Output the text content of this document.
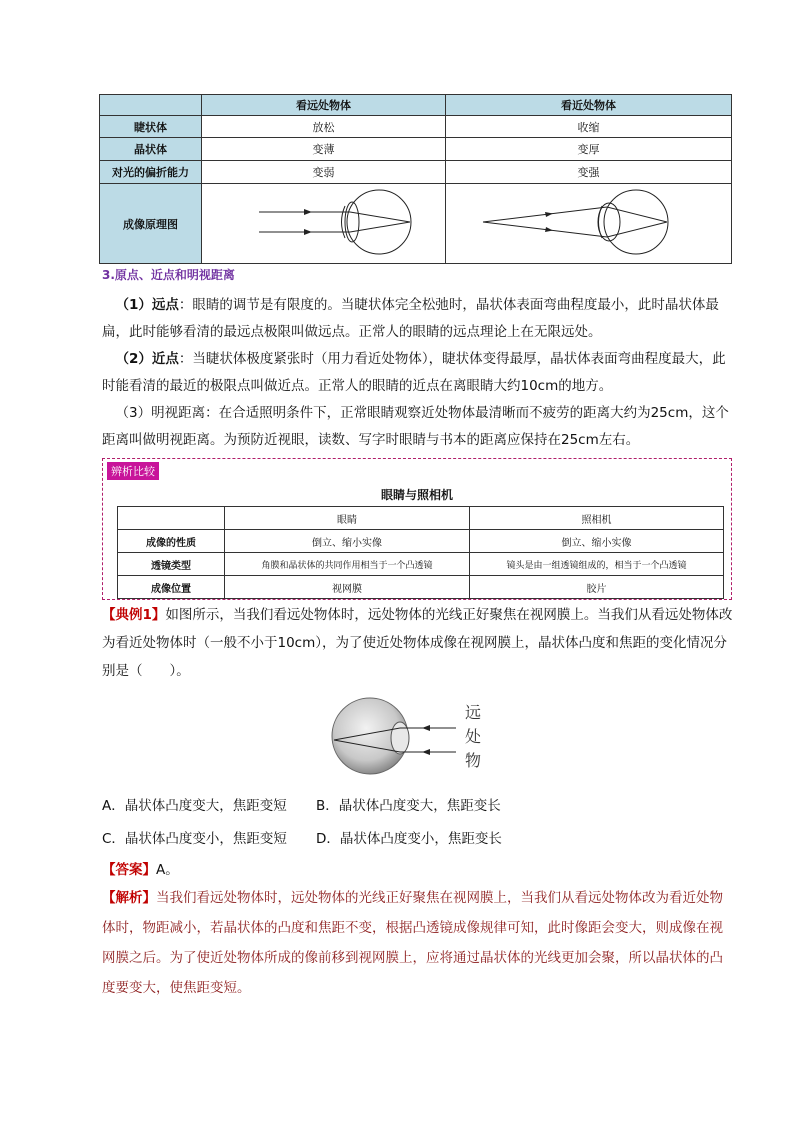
	看远处物体	看近处物体
睫状体	放松	收缩
晶状体	变薄	变厚
对光的偏折能力	变弱	变强
成像原理图		
3.原点、近点和明视距离
（1）远点：眼睛的调节是有限度的。当睫状体完全松弛时，晶状体表面弯曲程度最小，此时晶状体最扁，此时能够看清的最远点极限叫做远点。正常人的眼睛的远点理论上在无限远处。
（2）近点：当睫状体极度紧张时（用力看近处物体），睫状体变得最厚，晶状体表面弯曲程度最大，此时能看清的最近的极限点叫做近点。正常人的眼睛的近点在离眼睛大约10cm的地方。
（3）明视距离：在合适照明条件下，正常眼睛观察近处物体最清晰而不疲劳的距离大约为25cm，这个距离叫做明视距离。为预防近视眼，读数、写字时眼睛与书本的距离应保持在25cm左右。
辨析比较
眼睛与照相机
	眼睛	照相机
成像的性质	倒立、缩小实像	倒立、缩小实像
透镜类型	角膜和晶状体的共同作用相当于一个凸透镜	镜头是由一组透镜组成的，相当于一个凸透镜
成像位置	视网膜	胶片
【典例1】如图所示，当我们看远处物体时，远处物体的光线正好聚焦在视网膜上。当我们从看远处物体改为看近处物体时（一般不小于10cm），为了使近处物体成像在视网膜上，晶状体凸度和焦距的变化情况分别是（　　）。
远
处
物
A．晶状体凸度变大，焦距变短 B．晶状体凸度变大，焦距变长
C．晶状体凸度变小，焦距变短 D．晶状体凸度变小，焦距变长
【答案】A。
【解析】当我们看远处物体时，远处物体的光线正好聚焦在视网膜上，当我们从看远处物体改为看近处物体时，物距减小，若晶状体的凸度和焦距不变，根据凸透镜成像规律可知，此时像距会变大，则成像在视网膜之后。为了使近处物体所成的像前移到视网膜上，应将通过晶状体的光线更加会聚，所以晶状体的凸度要变大，使焦距变短。
